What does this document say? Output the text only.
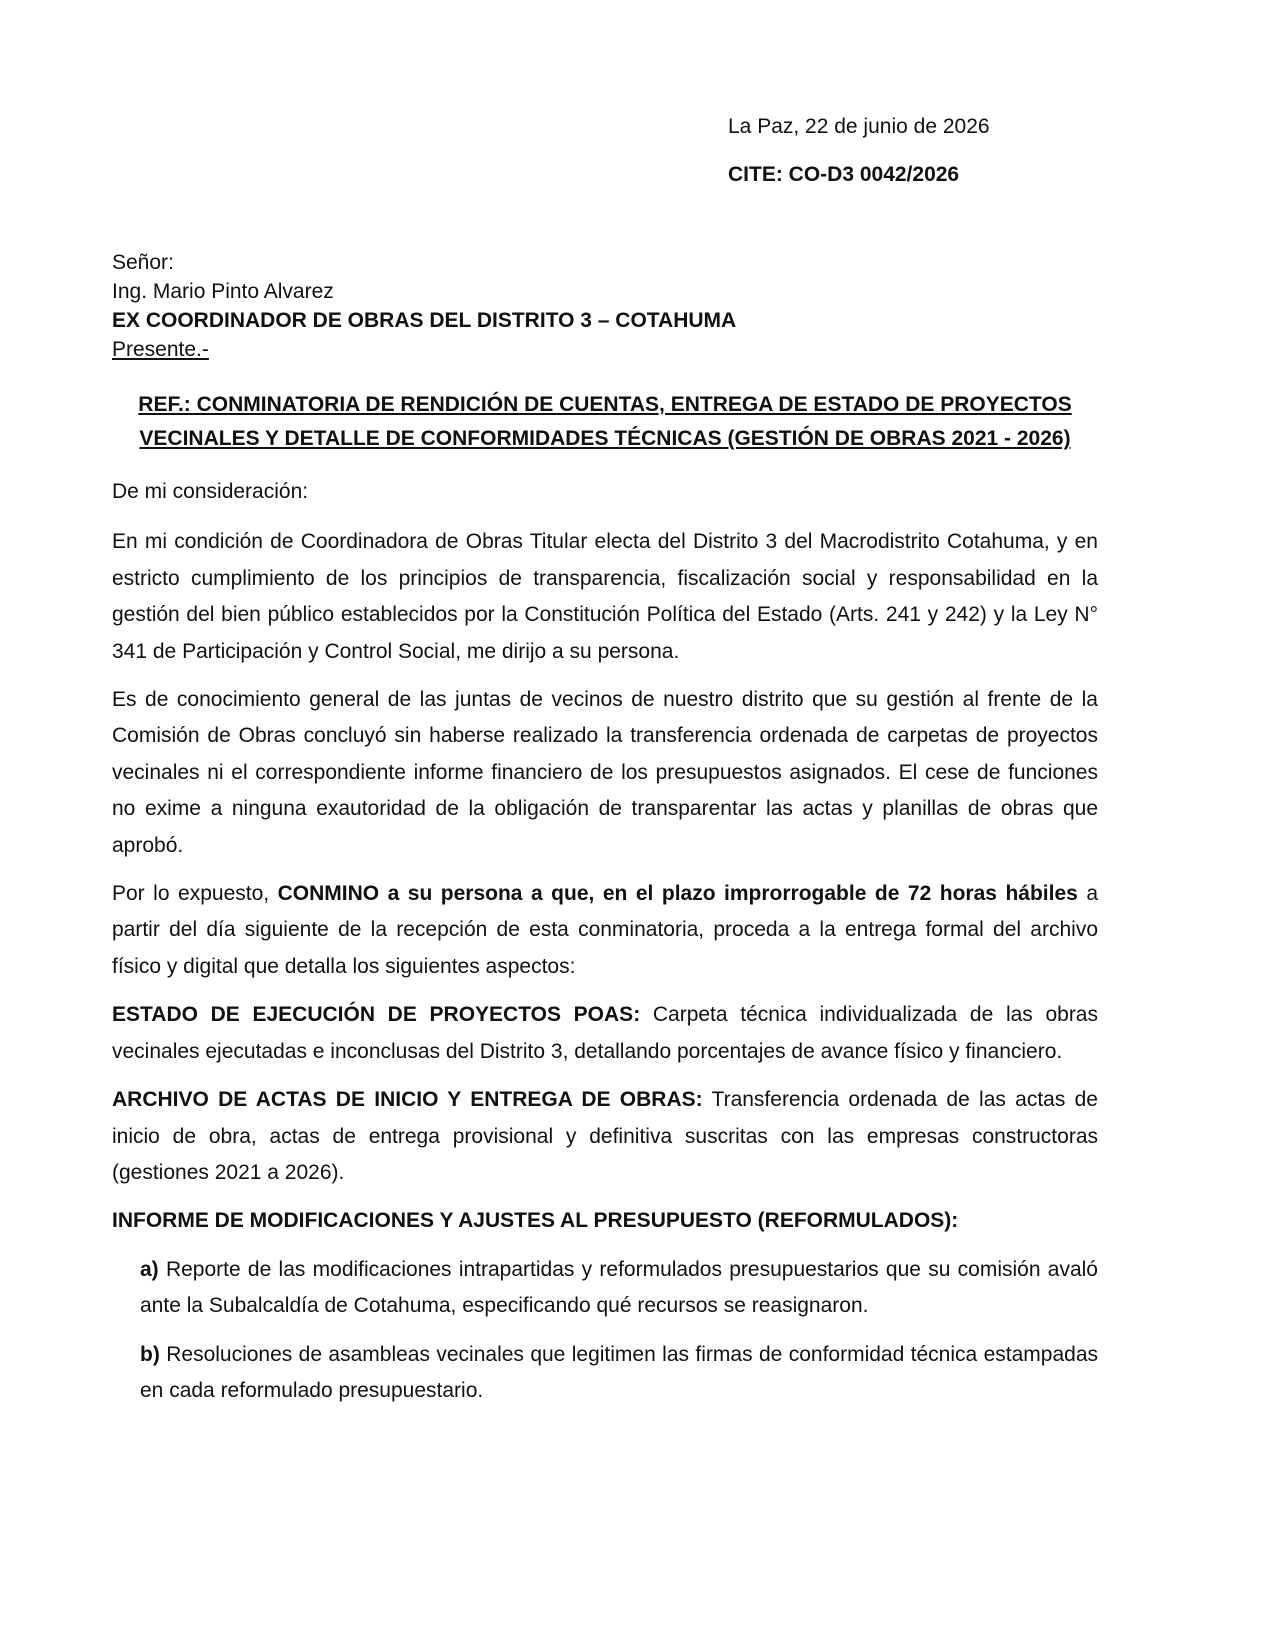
La Paz, 22 de junio de 2026
CITE: CO-D3 0042/2026
Señor:
Ing. Mario Pinto Alvarez
EX COORDINADOR DE OBRAS DEL DISTRITO 3 – COTAHUMA
Presente.-
REF.: CONMINATORIA DE RENDICIÓN DE CUENTAS, ENTREGA DE ESTADO DE PROYECTOS
VECINALES Y DETALLE DE CONFORMIDADES TÉCNICAS (GESTIÓN DE OBRAS 2021 - 2026)

De mi consideración:

En mi condición de Coordinadora de Obras Titular electa del Distrito 3 del Macrodistrito Cotahuma, y en estricto cumplimiento de los principios de transparencia, fiscalización social y responsabilidad en la gestión del bien público establecidos por la Constitución Política del Estado (Arts. 241 y 242) y la Ley N° 341 de Participación y Control Social, me dirijo a su persona.

Es de conocimiento general de las juntas de vecinos de nuestro distrito que su gestión al frente de la Comisión de Obras concluyó sin haberse realizado la transferencia ordenada de carpetas de proyectos vecinales ni el correspondiente informe financiero de los presupuestos asignados. El cese de funciones no exime a ninguna exautoridad de la obligación de transparentar las actas y planillas de obras que aprobó.

Por lo expuesto, CONMINO a su persona a que, en el plazo improrrogable de 72 horas hábiles a partir del día siguiente de la recepción de esta conminatoria, proceda a la entrega formal del archivo físico y digital que detalla los siguientes aspectos:

ESTADO DE EJECUCIÓN DE PROYECTOS POAS: Carpeta técnica individualizada de las obras vecinales ejecutadas e inconclusas del Distrito 3, detallando porcentajes de avance físico y financiero.

ARCHIVO DE ACTAS DE INICIO Y ENTREGA DE OBRAS: Transferencia ordenada de las actas de inicio de obra, actas de entrega provisional y definitiva suscritas con las empresas constructoras (gestiones 2021 a 2026).

INFORME DE MODIFICACIONES Y AJUSTES AL PRESUPUESTO (REFORMULADOS):

a) Reporte de las modificaciones intrapartidas y reformulados presupuestarios que su comisión avaló ante la Subalcaldía de Cotahuma, especificando qué recursos se reasignaron.

b) Resoluciones de asambleas vecinales que legitimen las firmas de conformidad técnica estampadas en cada reformulado presupuestario.
